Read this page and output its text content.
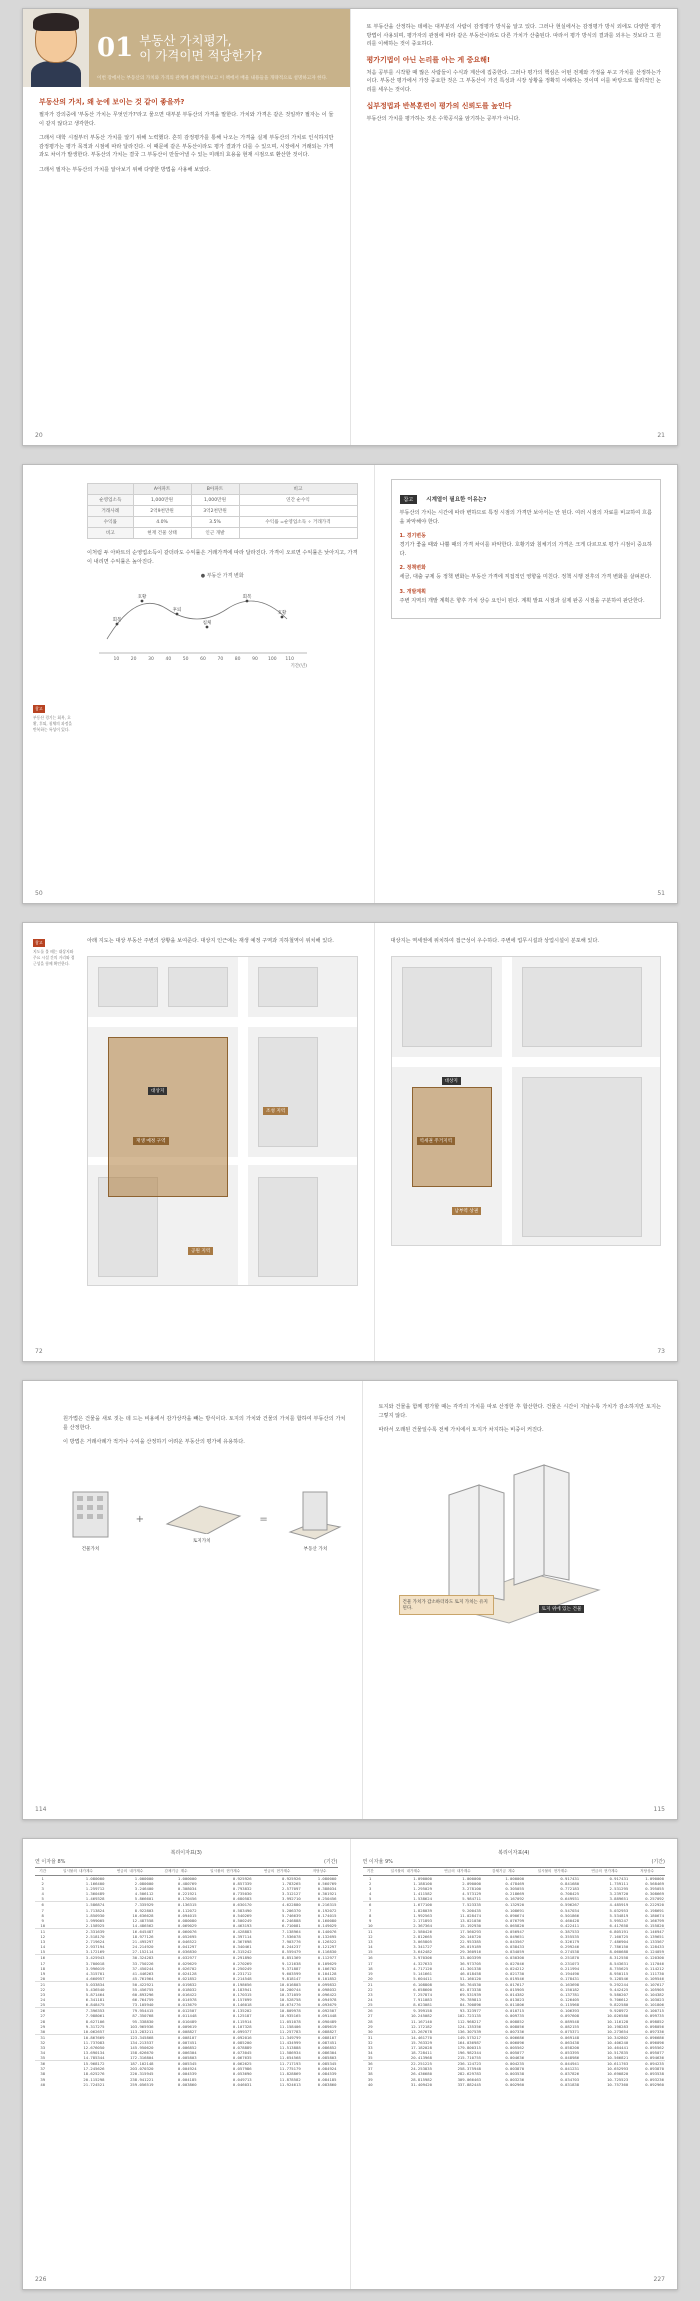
01 부동산 가치평가,
이 가격이면 적당한가?
이번 장에서는 부동산의 가치와 가격의 관계에 대해 알아보고 이 책에서 배울 내용들을 개략적으로 설명하고자 한다.
부동산의 가치, 왜 눈에 보이는 것 같이 좋을까?
필자가 강의중에 '부동산 가치는 무엇인가?'라고 물으면 대부분 부동산의 가격을 말한다. 가치와 가격은 같은 것일까? 필자는 이 둘이 같지 않다고 생각한다.
그래서 대학 시절부터 부동산 가치를 알기 위해 노력했다. 흔히 감정평가를 통해 나오는 가격을 실제 부동산의 가치로 인식하지만 감정평가는 평가 목적과 시점에 따라 달라진다. 이 때문에 같은 부동산이라도 평가 결과가 다를 수 있으며, 시장에서 거래되는 가격과도 차이가 발생한다. 부동산의 가치는 결국 그 부동산이 만들어낼 수 있는 미래의 효용을 현재 시점으로 환산한 것이다.
그래서 필자는 부동산의 가치를 알아보기 위해 다양한 방법을 사용해 보았다.
20
또 부동산을 산정하는 데에는 대부분의 사람이 감정평가 방식을 알고 있다. 그러나 현실에서는 감정평가 방식 외에도 다양한 평가 방법이 사용되며, 평가자의 관점에 따라 같은 부동산이라도 다른 가치가 산출된다. 따라서 평가 방식의 결과를 외우는 것보다 그 원리를 이해하는 것이 중요하다.
평가기법이 아닌 논리를 아는 게 중요해!
처음 공부를 시작할 때 많은 사람들이 수식과 계산에 집중한다. 그러나 평가의 핵심은 어떤 전제와 가정을 두고 가치를 산정하는가이다. 부동산 평가에서 가장 중요한 것은 그 부동산이 가진 특성과 시장 상황을 정확히 이해하는 것이며 이를 바탕으로 합리적인 논리를 세우는 것이다.
십부정법과 반복훈련이 평가의 신뢰도를 높인다
부동산의 가치를 평가하는 것은 수학공식을 암기하는 공부가 아니다.
21
	A아파트	B아파트	비고
순영업소득	1,000만원	1,000만원	연간 순수익
거래사례	2억9천만원	3억2천만원	
수익률	4.0%	3.5%	수익률 =순영업소득 ÷ 거래가격
비고	현재 건물 상태	인근 개발	
이처럼 두 아파트의 순영업소득이 같더라도 수익률은 거래가격에 따라 달라진다. 가격이 오르면 수익률은 낮아지고, 가격이 내리면 수익률은 높아진다.
● 부동산 가격 변화
10	20	30	40	50	60	70	80	90 100 110
기간(년)
회복
호황
후퇴
침체
회복
호황
참고
부동산 경기는 회복, 호황, 후퇴, 침체의 과정을 반복하는 특성이 있다.
50
참고 시계열이 필요한 이유는?
부동산의 가치는 시간에 따라 변하므로 특정 시점의 가격만 보아서는 안 된다. 여러 시점의 자료를 비교하여 흐름을 파악해야 한다.
1. 경기변동
경기가 좋을 때와 나쁠 때의 가격 차이를 파악한다. 호황기와 침체기의 가격은 크게 다르므로 평가 시점이 중요하다.
2. 정책변화
세금, 대출 규제 등 정책 변화는 부동산 가격에 직접적인 영향을 미친다. 정책 시행 전후의 가격 변화를 살펴본다.
3. 개발계획
주변 지역의 개발 계획은 향후 가치 상승 요인이 된다. 계획 발표 시점과 실제 완공 시점을 구분하여 판단한다.
51
아래 지도는 대상 부동산 주변의 상황을 보여준다. 대상지 인근에는 재생 예정 구역과 지하철역이 위치해 있다.
참고
지도를 볼 때는 대상지와 주요 시설 간의 거리와 접근성을 함께 확인한다.
재생 예정 구역
대상지
조성 지역
공원 지역
72
대상지는 역세권에 위치하여 접근성이 우수하다. 주변에 업무시설과 상업시설이 분포해 있다.
대상지
역세권 주거지역
남부역 상권
73
원가법은 건물을 새로 짓는 데 드는 비용에서 감가상각을 빼는 방식이다. 토지의 가치와 건물의 가치를 합하여 부동산의 가치를 산정한다.
이 방법은 거래사례가 적거나 수익을 산정하기 어려운 부동산의 평가에 유용하다.
건물가치
+
토지가치
=
부동산 가치
114
토지와 건물을 함께 평가할 때는 각각의 가치를 따로 산정한 후 합산한다. 건물은 시간이 지날수록 가치가 감소하지만 토지는 그렇지 않다.
따라서 오래된 건물일수록 전체 가치에서 토지가 차지하는 비중이 커진다.
토지 위에 있는 건물
건물 가치가 감소하더라도 토지 가치는 유지된다.
115
복리이자표(3)
연 이자율 8%	(기간)
기간	일시불의 내가계수	연금의 내가계수	감채기금 계수	일시불의 현가계수	연금의 현가계수	저당상수
1	1.080000	1.000000	1.000000	0.925926	0.925926	1.080000
2	1.166400	2.080000	0.480769	0.857339	1.783265	0.560769
3	1.259712	3.246400	0.308034	0.793832	2.577097	0.388034
4	1.360489	4.506112	0.221921	0.735030	3.312127	0.301921
5	1.469328	5.866601	0.170456	0.680583	3.992710	0.250456
6	1.586874	7.335929	0.136315	0.630170	4.622880	0.216315
7	1.713824	8.922803	0.112072	0.583490	5.206370	0.192072
8	1.850930	10.636628	0.094015	0.540269	5.746639	0.174015
9	1.999005	12.487558	0.080080	0.500249	6.246888	0.160080
10	2.158925	14.486562	0.069029	0.463193	6.710081	0.149029
11	2.331639	16.645487	0.060076	0.428883	7.138964	0.140076
12	2.518170	18.977126	0.052695	0.397114	7.536078	0.132695
13	2.719624	21.495297	0.046522	0.367698	7.903776	0.126522
14	2.937194	24.214920	0.041297	0.340461	8.244237	0.121297
15	3.172169	27.152114	0.036830	0.315242	8.559479	0.116830
16	3.425943	30.324283	0.032977	0.291890	8.851369	0.112977
17	3.700018	33.750226	0.029629	0.270269	9.121638	0.109629
18	3.996019	37.450244	0.026702	0.250249	9.371887	0.106702
19	4.315701	41.446263	0.024128	0.231712	9.603599	0.104128
20	4.660957	45.761964	0.021852	0.214548	9.818147	0.101852
21	5.033834	50.422921	0.019832	0.198656	10.016803	0.099832
22	5.436540	55.456755	0.018032	0.183941	10.200744	0.098032
23	5.871464	60.893296	0.016422	0.170315	10.371059	0.096422
24	6.341181	66.764759	0.014978	0.157699	10.528758	0.094978
25	6.848475	73.105940	0.013679	0.146018	10.674776	0.093679
26	7.396353	79.954415	0.012507	0.135202	10.809978	0.092507
27	7.988061	87.350768	0.011448	0.125187	10.935165	0.091448
28	8.627106	95.338830	0.010489	0.115914	11.051078	0.090489
29	9.317275	103.965936	0.009619	0.107328	11.158406	0.089619
30	10.062657	113.283211	0.008827	0.099377	11.257783	0.088827
31	10.867669	123.345868	0.008107	0.092016	11.349799	0.088107
32	11.737083	134.213537	0.007451	0.085200	11.434999	0.087451
33	12.676050	145.950620	0.006852	0.078889	11.513888	0.086852
34	13.690134	158.626670	0.006304	0.073045	11.586934	0.086304
35	14.785344	172.316804	0.005803	0.067635	11.654568	0.085803
36	15.968172	187.102148	0.005345	0.062625	11.717193	0.085345
37	17.245626	203.070320	0.004924	0.057986	11.775179	0.084924
38	18.625276	220.315945	0.004539	0.053690	11.828869	0.084539
39	20.115298	238.941221	0.004185	0.049713	11.878582	0.084185
40	21.724521	259.056519	0.003860	0.046031	11.924613	0.083860
226
복리이자표(4)
연 이자율 9%	(기간)
기간	일시불의 내가계수	연금의 내가계수	감채기금 계수	일시불의 현가계수	연금의 현가계수	저당상수
1	1.090000	1.000000	1.000000	0.917431	0.917431	1.090000
2	1.188100	2.090000	0.478469	0.841680	1.759111	0.568469
3	1.295029	3.278100	0.305055	0.772183	2.531295	0.395055
4	1.411582	4.573129	0.218669	0.708425	3.239720	0.308669
5	1.538624	5.984711	0.167092	0.649931	3.889651	0.257092
6	1.677100	7.523335	0.132920	0.596267	4.485919	0.222920
7	1.828039	9.200435	0.108691	0.547034	5.032953	0.198691
8	1.992563	11.028474	0.090674	0.501866	5.534819	0.180674
9	2.171893	13.021036	0.076799	0.460428	5.995247	0.166799
10	2.367364	15.192930	0.065820	0.422411	6.417658	0.155820
11	2.580426	17.560293	0.056947	0.387533	6.805191	0.146947
12	2.812665	20.140720	0.049651	0.355535	7.160725	0.139651
13	3.065805	22.953385	0.043567	0.326179	7.486904	0.133567
14	3.341727	26.019189	0.038433	0.299246	7.786150	0.128433
15	3.642482	29.360916	0.034059	0.274538	8.060688	0.124059
16	3.970306	33.003399	0.030300	0.251870	8.312558	0.120300
17	4.327633	36.973705	0.027046	0.231073	8.543631	0.117046
18	4.717120	41.301338	0.024212	0.211994	8.755625	0.114212
19	5.141661	46.018458	0.021730	0.194490	8.950115	0.111730
20	5.604411	51.160120	0.019546	0.178431	9.128546	0.109546
21	6.108808	56.764530	0.017617	0.163698	9.292244	0.107617
22	6.658600	62.873338	0.015905	0.150182	9.442425	0.105905
23	7.257874	69.531939	0.014382	0.137781	9.580207	0.104382
24	7.911083	76.789813	0.013023	0.126405	9.706612	0.103023
25	8.623081	84.700896	0.011806	0.115968	9.822580	0.101806
26	9.399158	93.323977	0.010715	0.106393	9.928972	0.100715
27	10.245082	102.723135	0.009735	0.097608	10.026580	0.099735
28	11.167140	112.968217	0.008852	0.089548	10.116128	0.098852
29	12.172182	124.135356	0.008056	0.082155	10.198283	0.098056
30	13.267678	136.307539	0.007336	0.075371	10.273654	0.097336
31	14.461770	149.575217	0.006686	0.069148	10.342802	0.096686
32	15.763329	164.036987	0.006096	0.063438	10.406240	0.096096
33	17.182028	179.800315	0.005562	0.058200	10.464441	0.095562
34	18.728411	196.982344	0.005077	0.053395	10.517835	0.095077
35	20.413968	215.710755	0.004636	0.048986	10.566821	0.094636
36	22.251225	236.124723	0.004235	0.044941	10.611763	0.094235
37	24.253835	258.375948	0.003870	0.041231	10.652993	0.093870
38	26.436680	282.629783	0.003538	0.037826	10.690820	0.093538
39	28.815982	309.066463	0.003236	0.034703	10.725523	0.093236
40	31.409420	337.882445	0.002960	0.031838	10.757360	0.092960
227
